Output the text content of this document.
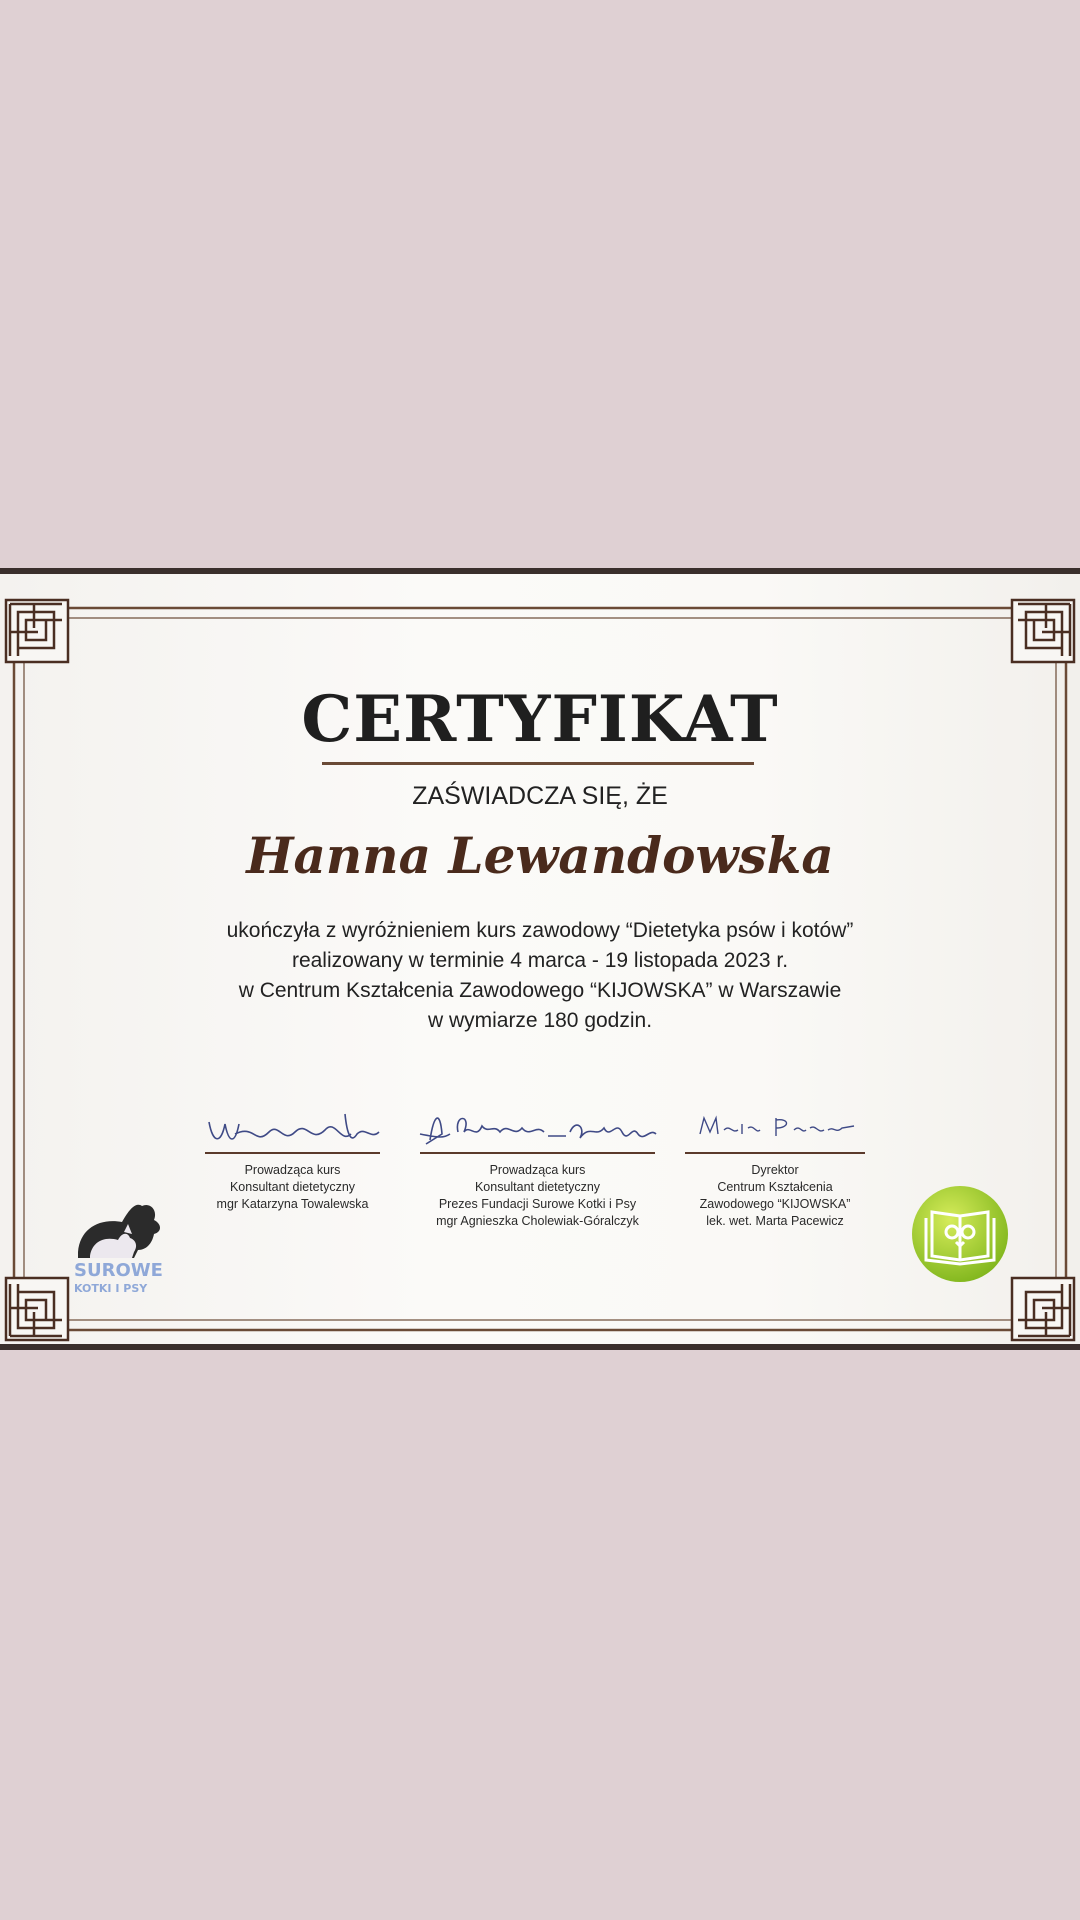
CERTYFIKAT
ZAŚWIADCZA SIĘ, ŻE
Hanna Lewandowska
ukończyła z wyróżnieniem kurs zawodowy “Dietetyka psów i kotów”
realizowany w terminie 4 marca - 19 listopada 2023 r.
w Centrum Kształcenia Zawodowego “KIJOWSKA” w Warszawie
w wymiarze 180 godzin.
Prowadząca kurs
Konsultant dietetyczny
mgr Katarzyna Towalewska
Prowadząca kurs
Konsultant dietetyczny
Prezes Fundacji Surowe Kotki i Psy
mgr Agnieszka Cholewiak-Góralczyk
Dyrektor
Centrum Kształcenia
Zawodowego “KIJOWSKA”
lek. wet. Marta Pacewicz
SUROWE
KOTKI I PSY
